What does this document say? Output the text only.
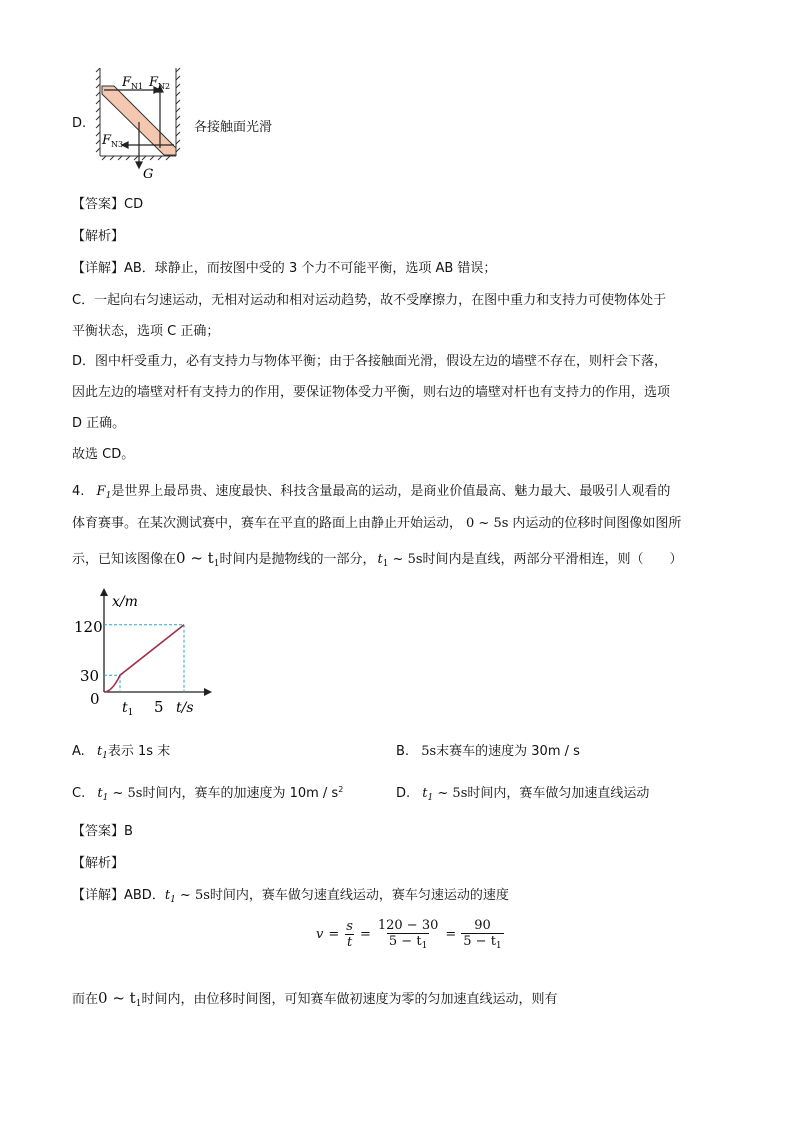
D.
$F_{N1}$ $F_{N2}$
$F_{N3}$
G
各接触面光滑
【答案】CD
【解析】
【详解】AB．球静止，而按图中受的 3 个力不可能平衡，选项 AB 错误；
C．一起向右匀速运动，无相对运动和相对运动趋势，故不受摩擦力，在图中重力和支持力可使物体处于
平衡状态，选项 C 正确；
D．图中杆受重力，必有支持力与物体平衡；由于各接触面光滑，假设左边的墙壁不存在，则杆会下落，
因此左边的墙壁对杆有支持力的作用，要保证物体受力平衡，则右边的墙壁对杆也有支持力的作用，选项
D 正确。
故选 CD。
4. $F_1$是世界上最昂贵、速度最快、科技含量最高的运动，是商业价值最高、魅力最大、最吸引人观看的
体育赛事。在某次测试赛中，赛车在平直的路面上由静止开始运动， 0 ~ 5s 内运动的位移时间图像如图所
示，已知该图像在0 ~ $t_1$时间内是抛物线的一部分， $t_1$ ~ 5s时间内是直线，两部分平滑相连，则（　　）
x/m
t/s
120
30
0 $t_1$ 5
A. $t_1$表示 1s 末	B. 5s末赛车的速度为 30m / s
C. $t_1$ ~ 5s时间内，赛车的加速度为 $10m / s^2$	D. $t_1$ ~ 5s时间内，赛车做匀加速直线运动
【答案】B
【解析】
【详解】ABD．$t_1$ ~ 5s时间内，赛车做匀速直线运动，赛车匀速运动的速度
$v = \frac{s}{t} = \frac{120 - 30}{5 - t_1} = \frac{90}{5 - t_1}$
而在0 ~ $t_1$时间内，由位移时间图，可知赛车做初速度为零的匀加速直线运动，则有
